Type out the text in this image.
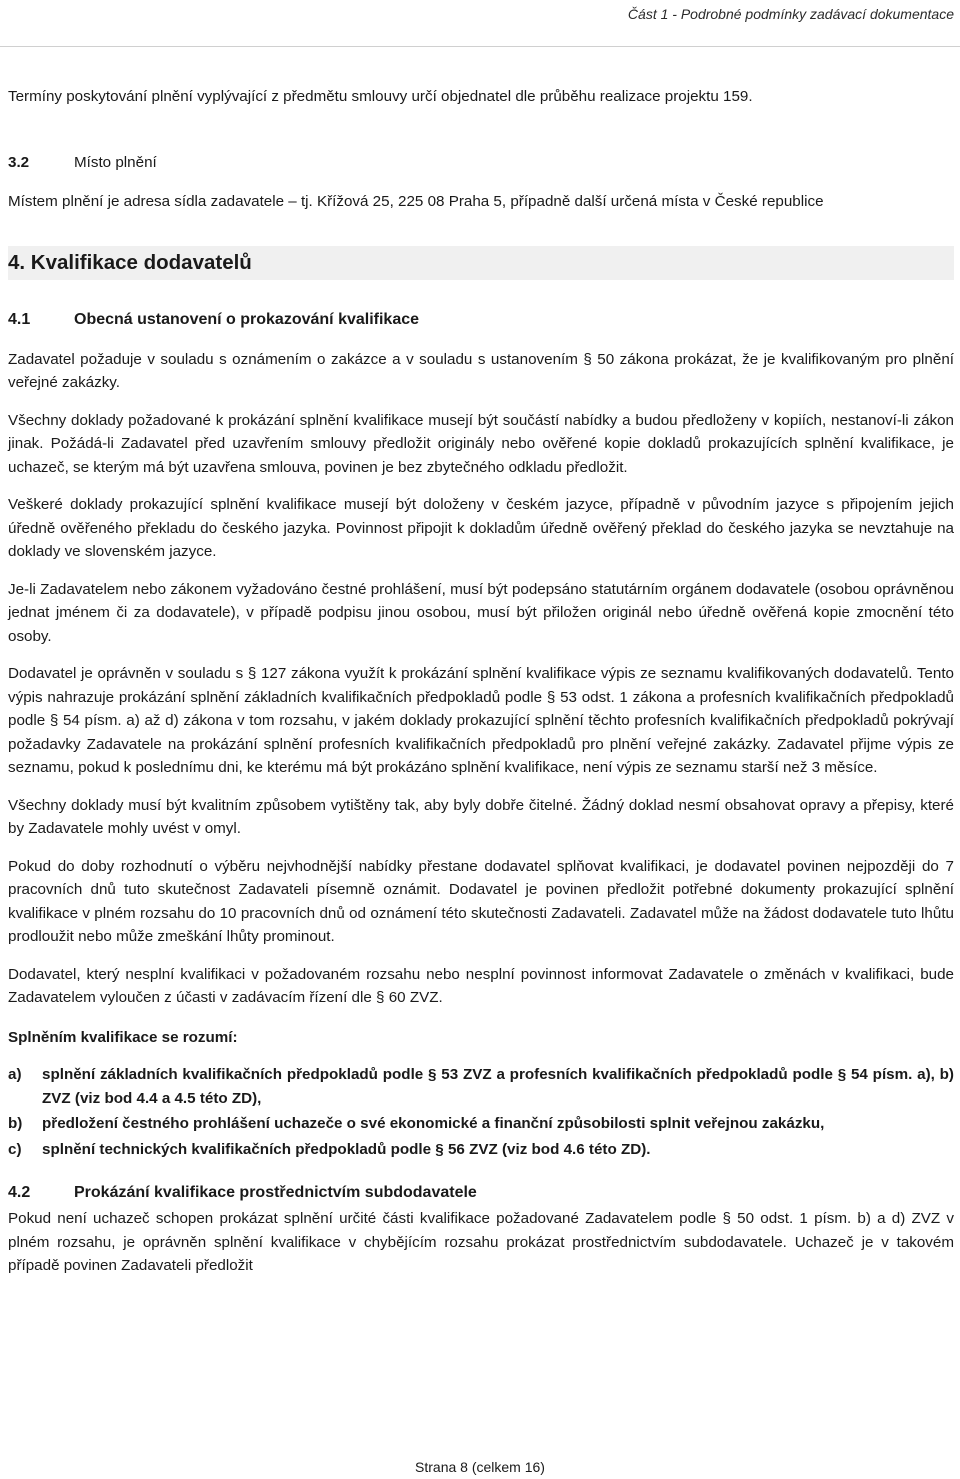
Část 1 - Podrobné podmínky zadávací dokumentace

Termíny poskytování plnění vyplývající z předmětu smlouvy určí objednatel dle průběhu realizace projektu 159.

3.2	Místo plnění

Místem plnění je adresa sídla zadavatele – tj. Křížová 25, 225 08 Praha 5, případně další určená místa v České republice

4. Kvalifikace dodavatelů
4.1	Obecná ustanovení o prokazování kvalifikace

Zadavatel požaduje v souladu s oznámením o zakázce a v souladu s ustanovením § 50 zákona prokázat, že je kvalifikovaným pro plnění veřejné zakázky.

Všechny doklady požadované k prokázání splnění kvalifikace musejí být součástí nabídky a budou předloženy v kopiích, nestanoví-li zákon jinak. Požádá-li Zadavatel před uzavřením smlouvy předložit originály nebo ověřené kopie dokladů prokazujících splnění kvalifikace, je uchazeč, se kterým má být uzavřena smlouva, povinen je bez zbytečného odkladu předložit.

Veškeré doklady prokazující splnění kvalifikace musejí být doloženy v českém jazyce, případně v původním jazyce s připojením jejich úředně ověřeného překladu do českého jazyka. Povinnost připojit k dokladům úředně ověřený překlad do českého jazyka se nevztahuje na doklady ve slovenském jazyce.

Je-li Zadavatelem nebo zákonem vyžadováno čestné prohlášení, musí být podepsáno statutárním orgánem dodavatele (osobou oprávněnou jednat jménem či za dodavatele), v případě podpisu jinou osobou, musí být přiložen originál nebo úředně ověřená kopie zmocnění této osoby.

Dodavatel je oprávněn v souladu s § 127 zákona využít k prokázání splnění kvalifikace výpis ze seznamu kvalifikovaných dodavatelů. Tento výpis nahrazuje prokázání splnění základních kvalifikačních předpokladů podle § 53 odst. 1 zákona a profesních kvalifikačních předpokladů podle § 54 písm. a) až d) zákona v tom rozsahu, v jakém doklady prokazující splnění těchto profesních kvalifikačních předpokladů pokrývají požadavky Zadavatele na prokázání splnění profesních kvalifikačních předpokladů pro plnění veřejné zakázky. Zadavatel přijme výpis ze seznamu, pokud k poslednímu dni, ke kterému má být prokázáno splnění kvalifikace, není výpis ze seznamu starší než 3 měsíce.

Všechny doklady musí být kvalitním způsobem vytištěny tak, aby byly dobře čitelné. Žádný doklad nesmí obsahovat opravy a přepisy, které by Zadavatele mohly uvést v omyl.

Pokud do doby rozhodnutí o výběru nejvhodnější nabídky přestane dodavatel splňovat kvalifikaci, je dodavatel povinen nejpozději do 7 pracovních dnů tuto skutečnost Zadavateli písemně oznámit. Dodavatel je povinen předložit potřebné dokumenty prokazující splnění kvalifikace v plném rozsahu do 10 pracovních dnů od oznámení této skutečnosti Zadavateli. Zadavatel může na žádost dodavatele tuto lhůtu prodloužit nebo může zmeškání lhůty prominout.

Dodavatel, který nesplní kvalifikaci v požadovaném rozsahu nebo nesplní povinnost informovat Zadavatele o změnách v kvalifikaci, bude Zadavatelem vyloučen z účasti v zadávacím řízení dle § 60 ZVZ.

Splněním kvalifikace se rozumí:
a)	splnění základních kvalifikačních předpokladů podle § 53 ZVZ a profesních kvalifikačních předpokladů podle § 54 písm. a), b) ZVZ (viz bod 4.4 a 4.5 této ZD),
b)	předložení čestného prohlášení uchazeče o své ekonomické a finanční způsobilosti splnit veřejnou zakázku,
c)	splnění technických kvalifikačních předpokladů podle § 56 ZVZ (viz bod 4.6 této ZD).
4.2	Prokázání kvalifikace prostřednictvím subdodavatele

Pokud není uchazeč schopen prokázat splnění určité části kvalifikace požadované Zadavatelem podle § 50 odst. 1 písm. b) a d) ZVZ v plném rozsahu, je oprávněn splnění kvalifikace v chybějícím rozsahu prokázat prostřednictvím subdodavatele. Uchazeč je v takovém případě povinen Zadavateli předložit

Strana 8 (celkem 16)
